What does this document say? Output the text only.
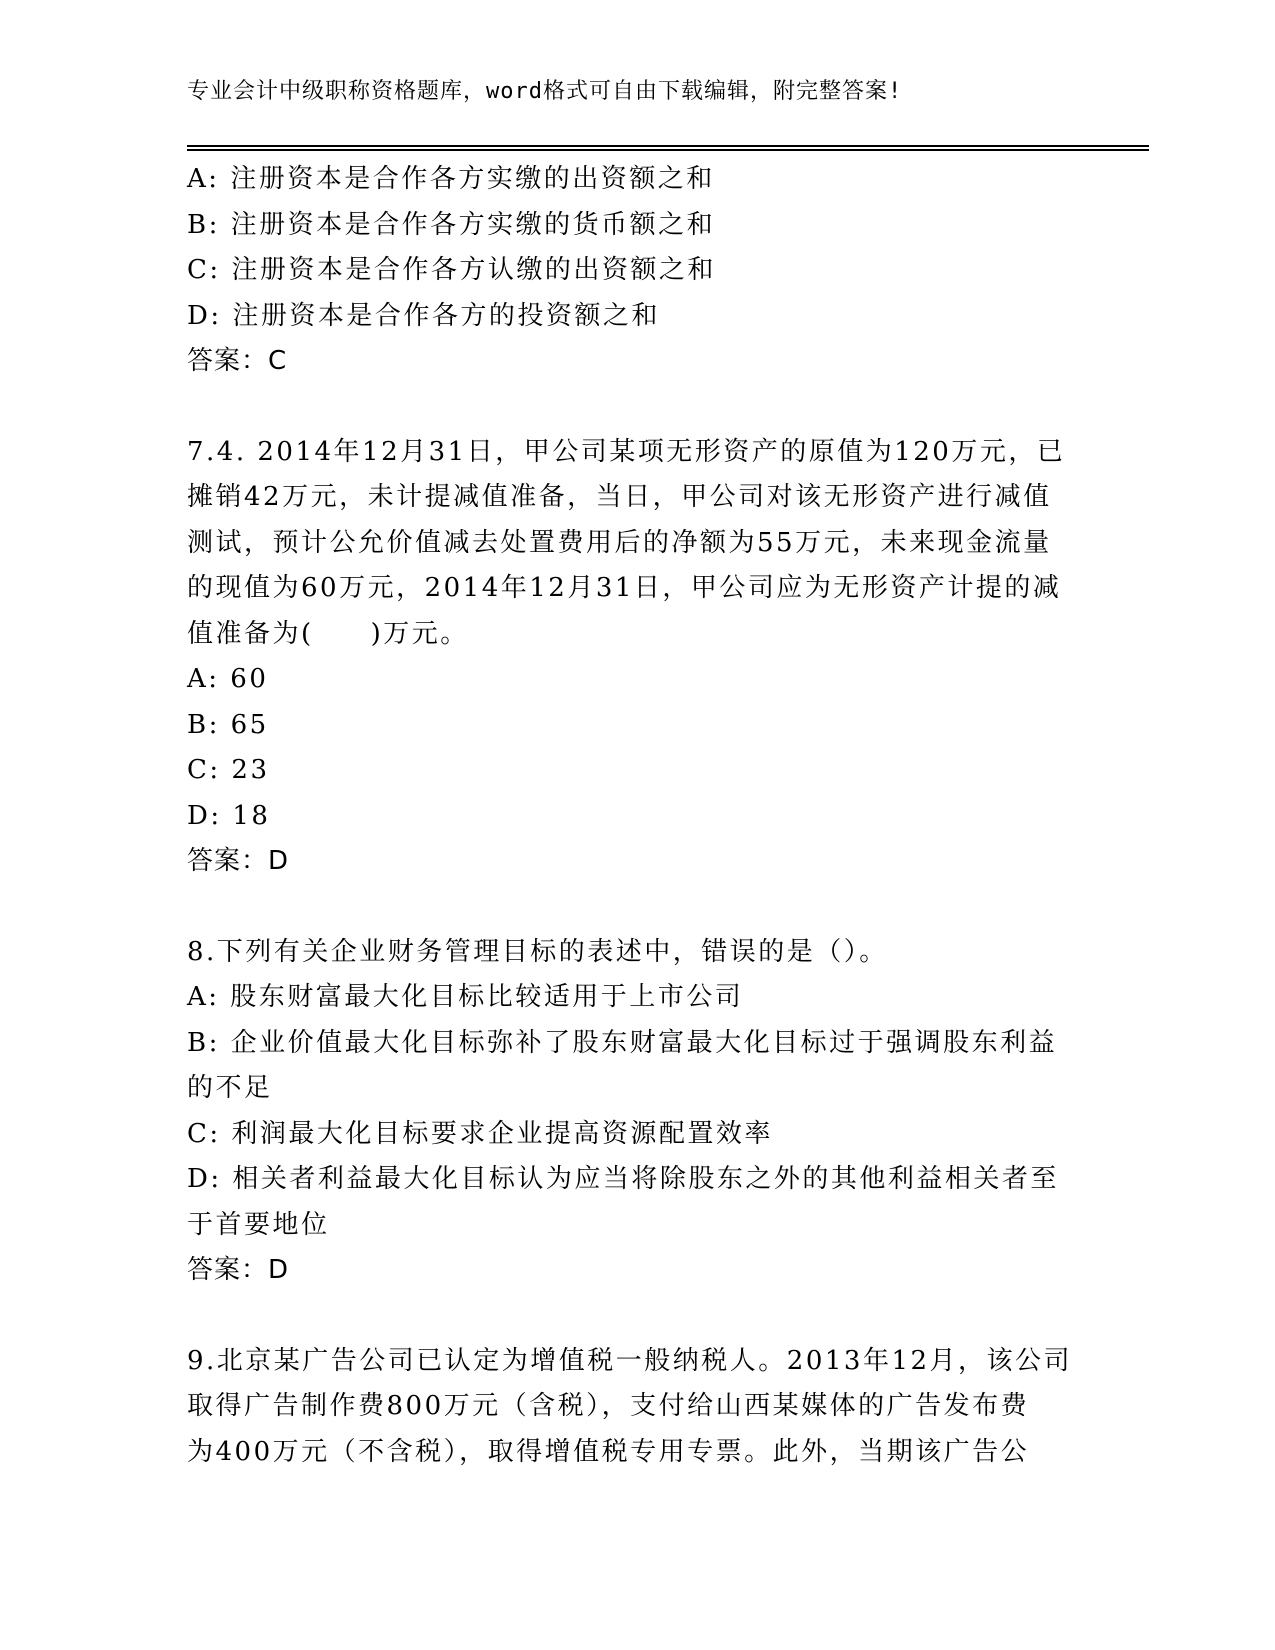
专业会计中级职称资格题库，word格式可自由下载编辑，附完整答案!
A: 注册资本是合作各方实缴的出资额之和
B: 注册资本是合作各方实缴的货币额之和
C: 注册资本是合作各方认缴的出资额之和
D: 注册资本是合作各方的投资额之和
答案：C
7.4. 2014年12月31日，甲公司某项无形资产的原值为120万元，已
摊销42万元，未计提减值准备，当日，甲公司对该无形资产进行减值
测试，预计公允价值减去处置费用后的净额为55万元，未来现金流量
的现值为60万元，2014年12月31日，甲公司应为无形资产计提的减
值准备为(　　)万元。
A: 60
B: 65
C: 23
D: 18
答案：D
8.下列有关企业财务管理目标的表述中，错误的是（）。
A: 股东财富最大化目标比较适用于上市公司
B: 企业价值最大化目标弥补了股东财富最大化目标过于强调股东利益
的不足
C: 利润最大化目标要求企业提高资源配置效率
D: 相关者利益最大化目标认为应当将除股东之外的其他利益相关者至
于首要地位
答案：D
9.北京某广告公司已认定为增值税一般纳税人。2013年12月，该公司
取得广告制作费800万元（含税），支付给山西某媒体的广告发布费
为400万元（不含税），取得增值税专用专票。此外，当期该广告公
